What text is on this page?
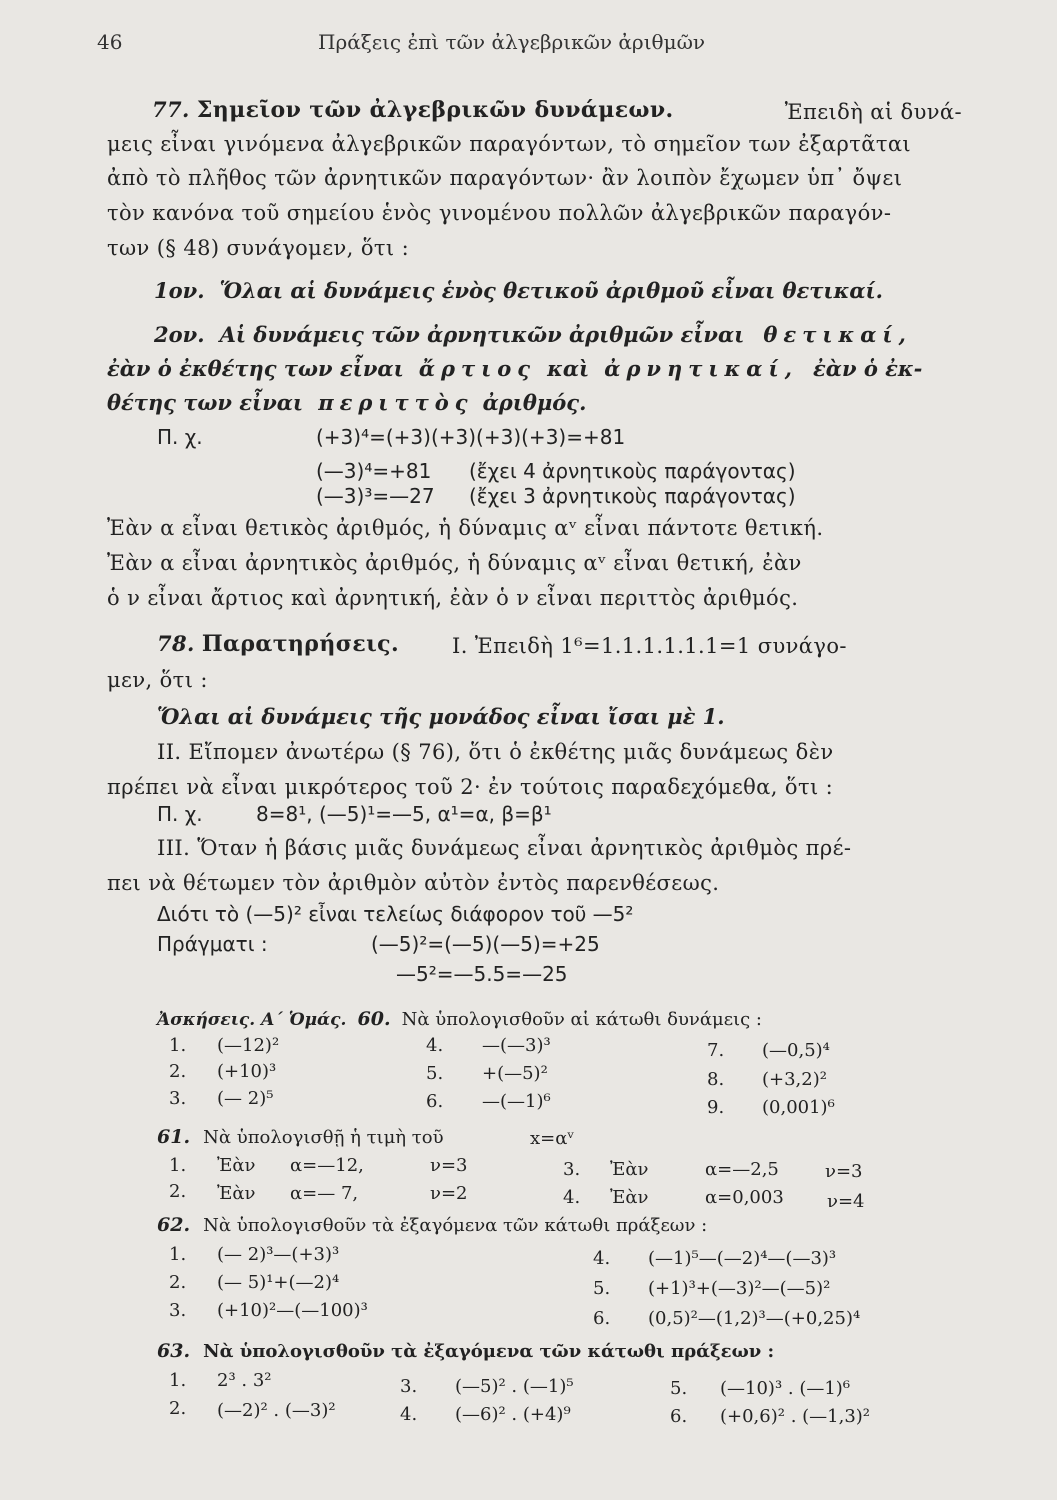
46	Πράξεις ἐπὶ τῶν ἀλγεβρικῶν ἀριθμῶν
77. Σημεῖον τῶν ἀλγεβρικῶν δυνάμεων.	Ἐπειδὴ αἱ δυνά-
μεις εἶναι γινόμενα ἀλγεβρικῶν παραγόντων, τὸ σημεῖον των ἐξαρτᾶται
ἀπὸ τὸ πλῆθος τῶν ἀρνητικῶν παραγόντων· ἂν λοιπὸν ἔχωμεν ὑπ᾽ ὄψει
τὸν κανόνα τοῦ σημείου ἑνὸς γινομένου πολλῶν ἀλγεβρικῶν παραγόν-
των (§ 48) συνάγομεν, ὅτι :
1ον. Ὅλαι αἱ δυνάμεις ἑνὸς θετικοῦ ἀριθμοῦ εἶναι θετικαί.
2ον. Αἱ δυνάμεις τῶν ἀρνητικῶν ἀριθμῶν εἶναι θετικαί,
ἐὰν ὁ ἐκθέτης των εἶναι ἄρτιος καὶ ἀρνητικαί, ἐὰν ὁ ἐκ-
θέτης των εἶναι περιττὸς ἀριθμός.
Π. χ.	(+3)⁴=(+3)(+3)(+3)(+3)=+81
(—3)⁴=+81 (ἔχει 4 ἀρνητικοὺς παράγοντας)
(—3)³=—27 (ἔχει 3 ἀρνητικοὺς παράγοντας)
Ἐὰν α εἶναι θετικὸς ἀριθμός, ἡ δύναμις αᵛ εἶναι πάντοτε θετική.
Ἐὰν α εἶναι ἀρνητικὸς ἀριθμός, ἡ δύναμις αᵛ εἶναι θετική, ἐὰν
ὁ ν εἶναι ἄρτιος καὶ ἀρνητική, ἐὰν ὁ ν εἶναι περιττὸς ἀριθμός.
78. Παρατηρήσεις.	I. Ἐπειδὴ 1⁶=1.1.1.1.1.1=1 συνάγο-
μεν, ὅτι :
Ὅλαι αἱ δυνάμεις τῆς μονάδος εἶναι ἴσαι μὲ 1.
II. Εἴπομεν ἀνωτέρω (§ 76), ὅτι ὁ ἐκθέτης μιᾶς δυνάμεως δὲν
πρέπει νὰ εἶναι μικρότερος τοῦ 2· ἐν τούτοις παραδεχόμεθα, ὅτι :
Π. χ.	8=8¹, (—5)¹=—5, α¹=α, β=β¹
III. Ὅταν ἡ βάσις μιᾶς δυνάμεως εἶναι ἀρνητικὸς ἀριθμὸς πρέ-
πει νὰ θέτωμεν τὸν ἀριθμὸν αὐτὸν ἐντὸς παρενθέσεως.
Διότι τὸ (—5)² εἶναι τελείως διάφορον τοῦ —5²
Πράγματι :	(—5)²=(—5)(—5)=+25
—5²=—5.5=—25
Ἀσκήσεις. Α΄ Ὁμάς. 60. Νὰ ὑπολογισθοῦν αἱ κάτωθι δυνάμεις :
1. (—12)²	4. —(—3)³	7. (—0,5)⁴
2. (+10)³	5. +(—5)²	8. (+3,2)²
3. (— 2)⁵	6. —(—1)⁶	9. (0,001)⁶
61. Νὰ ὑπολογισθῇ ἡ τιμὴ τοῦ	x=αᵛ
1. Ἐὰν α=—12,	ν=3	3. Ἐὰν	α=—2,5	ν=3
2. Ἐὰν α=— 7,	ν=2	4. Ἐὰν	α=0,003 ν=4
62. Νὰ ὑπολογισθοῦν τὰ ἐξαγόμενα τῶν κάτωθι πράξεων :
1. (— 2)³—(+3)³	4. (—1)⁵—(—2)⁴—(—3)³
2. (— 5)¹+(—2)⁴	5. (+1)³+(—3)²—(—5)²
3. (+10)²—(—100)³	6. (0,5)²—(1,2)³—(+0,25)⁴
63. Νὰ ὑπολογισθοῦν τὰ ἐξαγόμενα τῶν κάτωθι πράξεων :
1. 2³ . 3²	3. (—5)² . (—1)⁵	5. (—10)³ . (—1)⁶
2. (—2)² . (—3)²	4. (—6)² . (+4)⁹	6. (+0,6)² . (—1,3)²
